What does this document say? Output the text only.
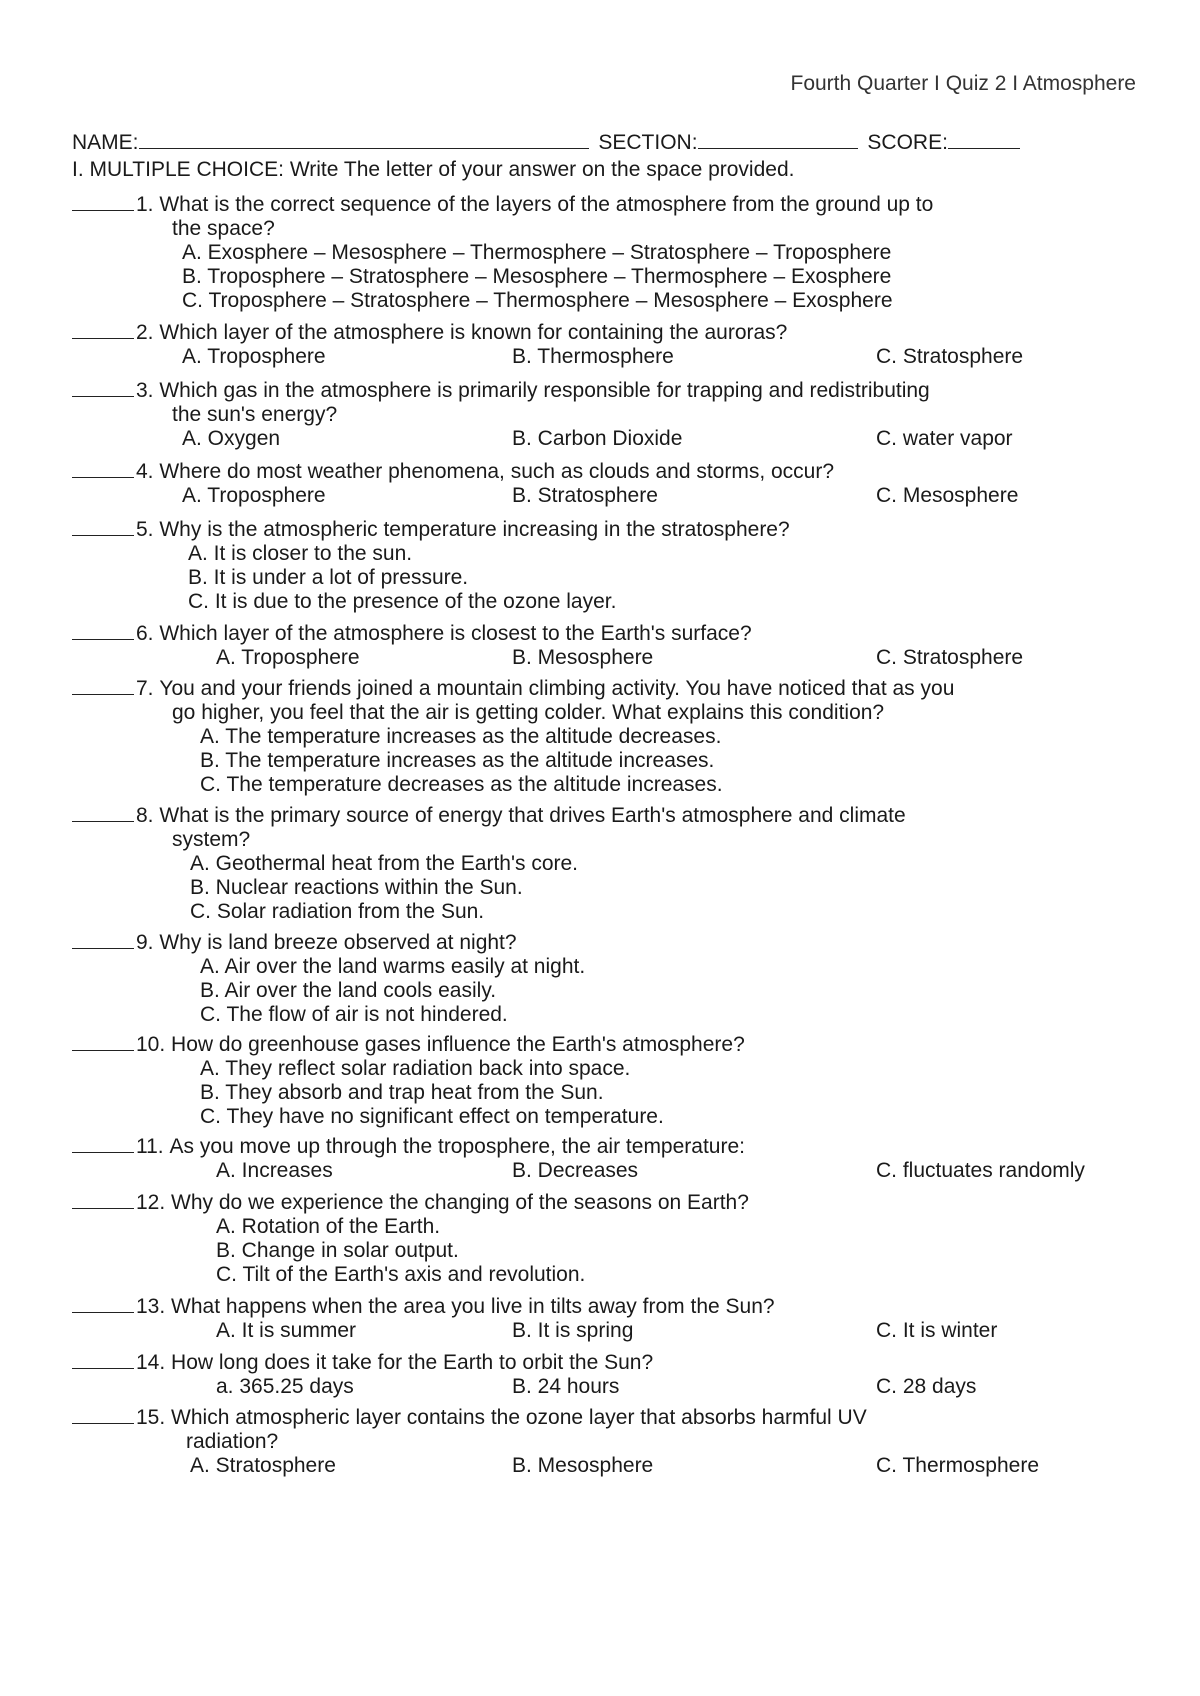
Fourth Quarter I Quiz 2 I Atmosphere
NAME:	SECTION:	SCORE:
I. MULTIPLE CHOICE: Write The letter of your answer on the space provided.
1.
What is the correct sequence of the layers of the atmosphere from the ground up to
the space?
A. Exosphere – Mesosphere – Thermosphere – Stratosphere – Troposphere
B. Troposphere – Stratosphere – Mesosphere – Thermosphere – Exosphere
C. Troposphere – Stratosphere – Thermosphere – Mesosphere – Exosphere
2.
Which layer of the atmosphere is known for containing the auroras?
A. Troposphere	B. Thermosphere	C. Stratosphere
3.
Which gas in the atmosphere is primarily responsible for trapping and redistributing
the sun's energy?
A. Oxygen	B. Carbon Dioxide	C. water vapor
4.
Where do most weather phenomena, such as clouds and storms, occur?
A. Troposphere	B. Stratosphere	C. Mesosphere
5.
Why is the atmospheric temperature increasing in the stratosphere?
A. It is closer to the sun.
B. It is under a lot of pressure.
C. It is due to the presence of the ozone layer.
6.
Which layer of the atmosphere is closest to the Earth's surface?
A. Troposphere	B. Mesosphere	C. Stratosphere
7.
You and your friends joined a mountain climbing activity. You have noticed that as you
go higher, you feel that the air is getting colder. What explains this condition?
A. The temperature increases as the altitude decreases.
B. The temperature increases as the altitude increases.
C. The temperature decreases as the altitude increases.
8.
What is the primary source of energy that drives Earth's atmosphere and climate
system?
A. Geothermal heat from the Earth's core.
B. Nuclear reactions within the Sun.
C. Solar radiation from the Sun.
9.
Why is land breeze observed at night?
A. Air over the land warms easily at night.
B. Air over the land cools easily.
C. The flow of air is not hindered.
10.
How do greenhouse gases influence the Earth's atmosphere?
A. They reflect solar radiation back into space.
B. They absorb and trap heat from the Sun.
C. They have no significant effect on temperature.
11.
As you move up through the troposphere, the air temperature:
A. Increases	B. Decreases	C. fluctuates randomly
12.
Why do we experience the changing of the seasons on Earth?
A. Rotation of the Earth.
B. Change in solar output.
C. Tilt of the Earth's axis and revolution.
13.
What happens when the area you live in tilts away from the Sun?
A. It is summer	B. It is spring	C. It is winter
14.
How long does it take for the Earth to orbit the Sun?
a. 365.25 days	B. 24 hours	C. 28 days
15.
Which atmospheric layer contains the ozone layer that absorbs harmful UV
radiation?
A. Stratosphere	B. Mesosphere	C. Thermosphere
